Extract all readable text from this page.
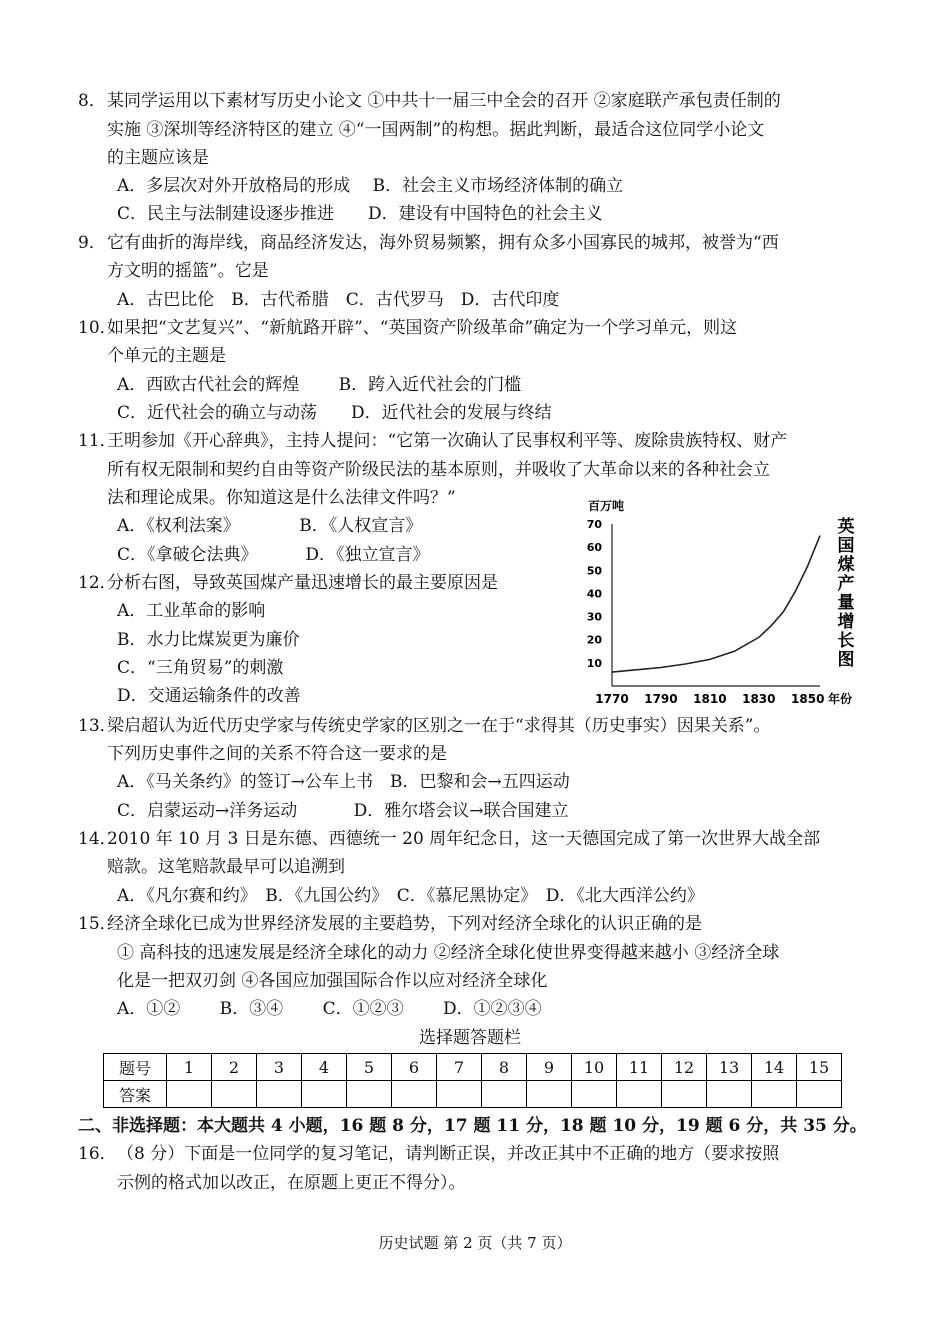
8． 某同学运用以下素材写历史小论文 ①中共十一届三中全会的召开 ②家庭联产承包责任制的
实施 ③深圳等经济特区的建立 ④“一国两制”的构想。据此判断，最适合这位同学小论文
的主题应该是
A．多层次对外开放格局的形成　 B．社会主义市场经济体制的确立
C．民主与法制建设逐步推进　　D．建设有中国特色的社会主义
9． 它有曲折的海岸线，商品经济发达，海外贸易频繁，拥有众多小国寡民的城邦，被誉为“西
方文明的摇篮”。它是
A．古巴比伦　B．古代希腊　C．古代罗马　D．古代印度
10．
如果把“文艺复兴”、“新航路开辟”、“英国资产阶级革命”确定为一个学习单元，则这
个单元的主题是
A．西欧古代社会的辉煌　　 B．跨入近代社会的门槛
C．近代社会的确立与动荡　　D．近代社会的发展与终结
11．
王明参加《开心辞典》，主持人提问：“它第一次确认了民事权利平等、废除贵族特权、财产
所有权无限制和契约自由等资产阶级民法的基本原则，并吸收了大革命以来的各种社会立
法和理论成果。你知道这是什么法律文件吗？”
A．《权利法案》　　　　B．《人权宣言》
C．《拿破仑法典》　　　 D．《独立宣言》
12．
分析右图，导致英国煤产量迅速增长的最主要原因是
A．工业革命的影响
B．水力比煤炭更为廉价
C．“三角贸易”的刺激
D．交通运输条件的改善
百万吨
10
20
30
40
50
60
70
1770 1790 1810 1830 1850 年份
英
国
煤
产
量
增
长
图
13．
梁启超认为近代历史学家与传统史学家的区别之一在于“求得其（历史事实）因果关系”。
下列历史事件之间的关系不符合这一要求的是
A．《马关条约》的签订→公车上书　B．巴黎和会→五四运动
C．启蒙运动→洋务运动　　　 D．雅尔塔会议→联合国建立
14．
2010 年 10 月 3 日是东德、西德统一 20 周年纪念日，这一天德国完成了第一次世界大战全部
赔款。这笔赔款最早可以追溯到
A．《凡尔赛和约》　B．《九国公约》　C．《慕尼黑协定》　D．《北大西洋公约》
15．
经济全球化已成为世界经济发展的主要趋势，下列对经济全球化的认识正确的是
① 高科技的迅速发展是经济全球化的动力 ②经济全球化使世界变得越来越小 ③经济全球
化是一把双刃剑 ④各国应加强国际合作以应对经济全球化
A．①②　　 B．③④　　 C．①②③　　 D．①②③④
选择题答题栏
题号	1	2	3	4	5	6	7	8	9	10	11	12	13	14	15
答案															
二、非选择题：本大题共 4 小题，16 题 8 分，17 题 11 分，18 题 10 分，19 题 6 分，共 35 分。
16． （8 分）下面是一位同学的复习笔记，请判断正误，并改正其中不正确的地方（要求按照
示例的格式加以改正，在原题上更正不得分）。
历史试题 第 2 页（共 7 页）
